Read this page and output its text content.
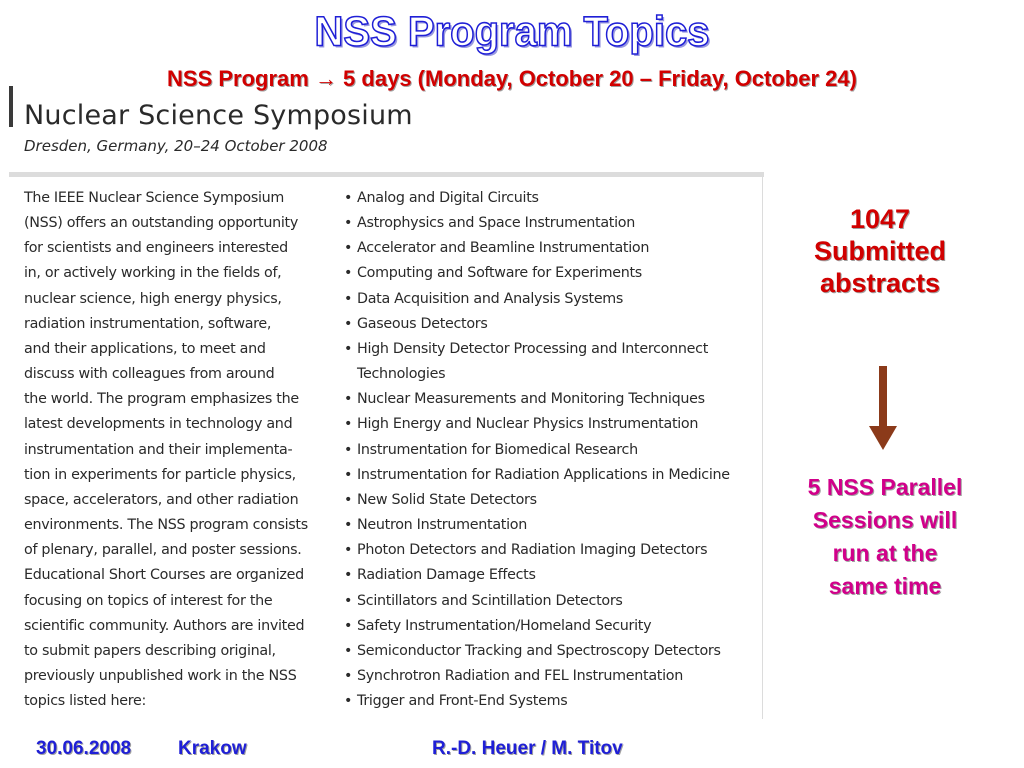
NSS Program Topics
NSS Program → 5 days (Monday, October 20 – Friday, October 24)
Nuclear Science Symposium
Dresden, Germany, 20–24 October 2008
The IEEE Nuclear Science Symposium
(NSS) offers an outstanding opportunity
for scientists and engineers interested
in, or actively working in the fields of,
nuclear science, high energy physics,
radiation instrumentation, software,
and their applications, to meet and
discuss with colleagues from around
the world. The program emphasizes the
latest developments in technology and
instrumentation and their implementa-
tion in experiments for particle physics,
space, accelerators, and other radiation
environments. The NSS program consists
of plenary, parallel, and poster sessions.
Educational Short Courses are organized
focusing on topics of interest for the
scientific community. Authors are invited
to submit papers describing original,
previously unpublished work in the NSS
topics listed here:
• Analog and Digital Circuits
• Astrophysics and Space Instrumentation
• Accelerator and Beamline Instrumentation
• Computing and Software for Experiments
• Data Acquisition and Analysis Systems
• Gaseous Detectors
• High Density Detector Processing and Interconnect Technologies
• Nuclear Measurements and Monitoring Techniques
• High Energy and Nuclear Physics Instrumentation
• Instrumentation for Biomedical Research
• Instrumentation for Radiation Applications in Medicine
• New Solid State Detectors
• Neutron Instrumentation
• Photon Detectors and Radiation Imaging Detectors
• Radiation Damage Effects
• Scintillators and Scintillation Detectors
• Safety Instrumentation/Homeland Security
• Semiconductor Tracking and Spectroscopy Detectors
• Synchrotron Radiation and FEL Instrumentation
• Trigger and Front-End Systems
1047
Submitted
abstracts
5 NSS Parallel
Sessions will
run at the
same time
30.06.2008 Krakow	R.-D. Heuer / M. Titov
